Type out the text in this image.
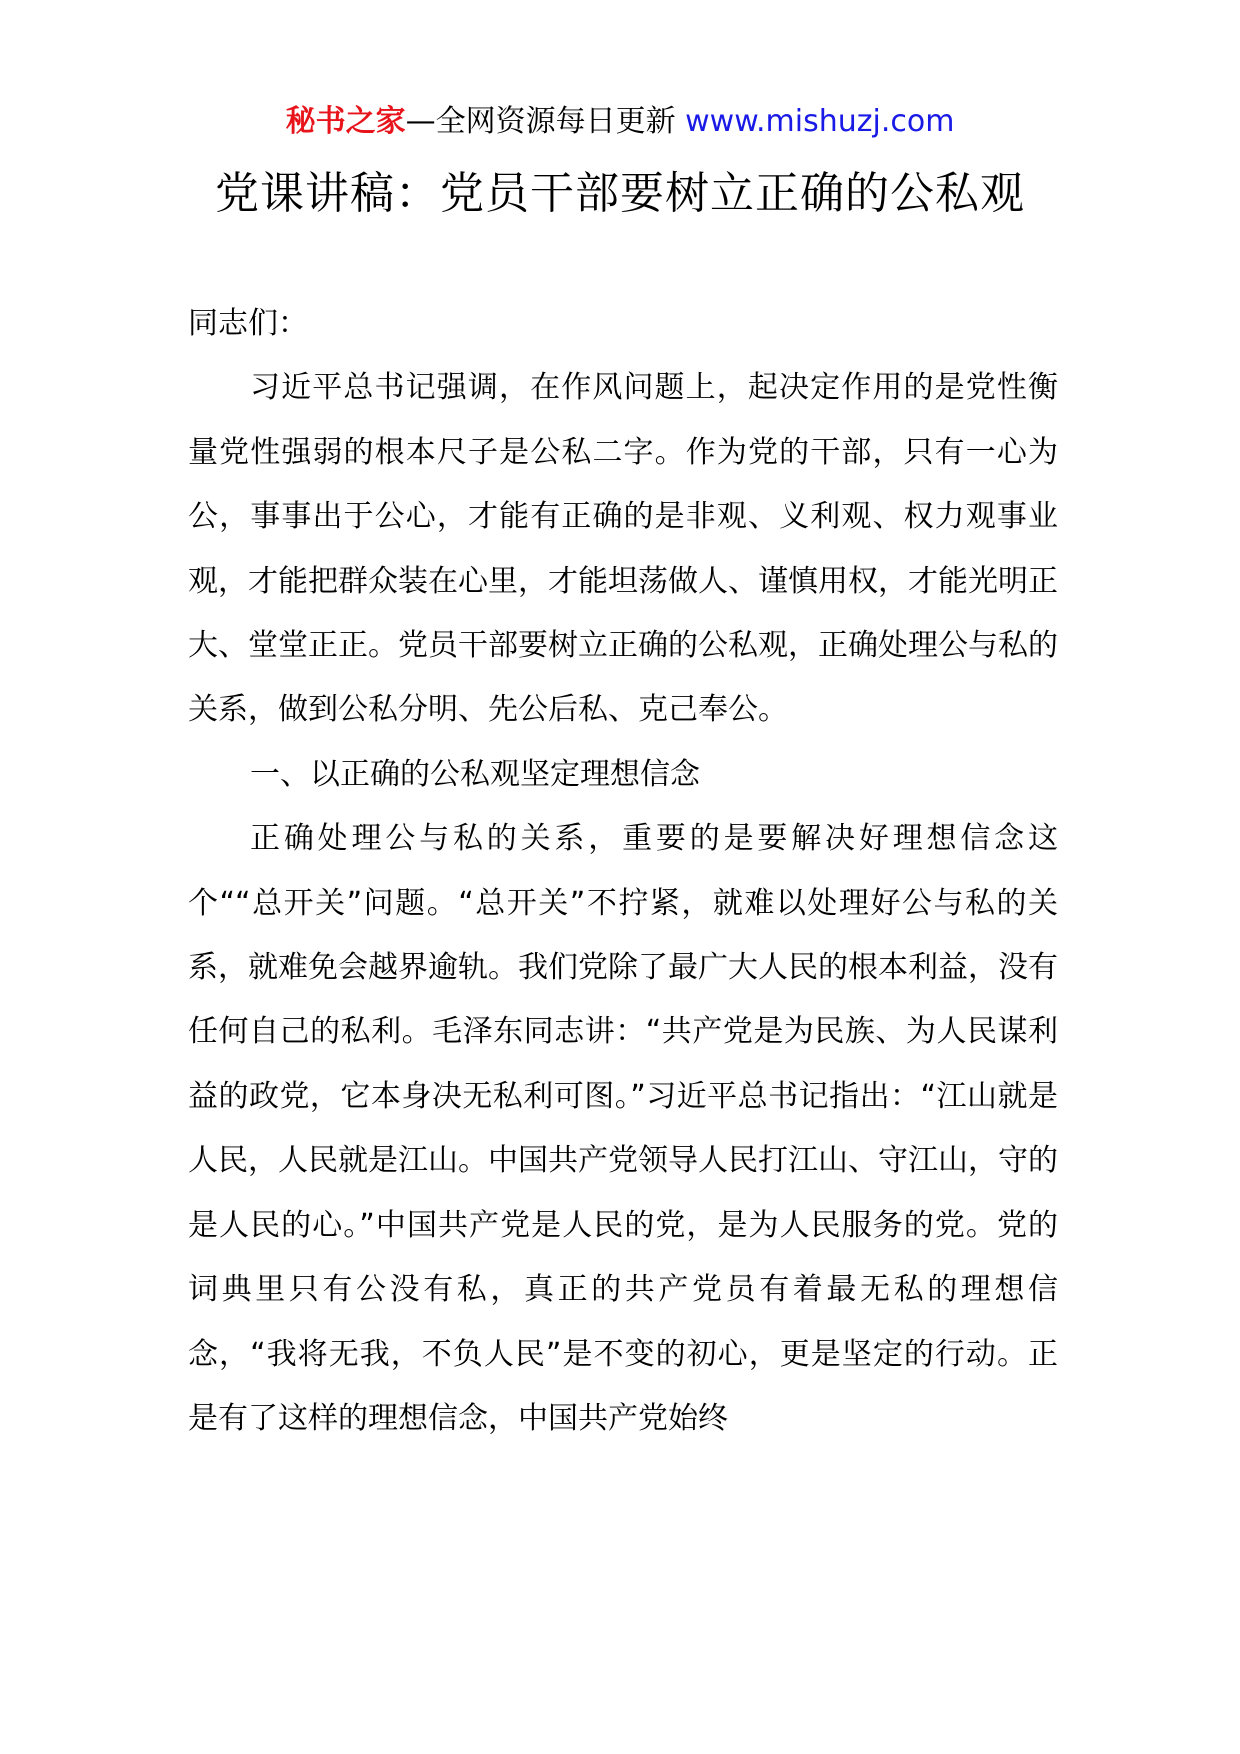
秘书之家—全网资源每日更新 www.mishuzj.com
党课讲稿：党员干部要树立正确的公私观

同志们：

习近平总书记强调，在作风问题上，起决定作用的是党性衡量党性强弱的根本尺子是公私二字。作为党的干部，只有一心为公，事事出于公心，才能有正确的是非观、义利观、权力观事业观，才能把群众装在心里，才能坦荡做人、谨慎用权，才能光明正大、堂堂正正。党员干部要树立正确的公私观，正确处理公与私的关系，做到公私分明、先公后私、克己奉公。

一、以正确的公私观坚定理想信念

正确处理公与私的关系，重要的是要解决好理想信念这个““总开关”问题。“总开关”不拧紧，就难以处理好公与私的关系，就难免会越界逾轨。我们党除了最广大人民的根本利益，没有任何自己的私利。毛泽东同志讲：“共产党是为民族、为人民谋利益的政党，它本身决无私利可图。”习近平总书记指出：“江山就是人民，人民就是江山。中国共产党领导人民打江山、守江山，守的是人民的心。”中国共产党是人民的党，是为人民服务的党。党的词典里只有公没有私，真正的共产党员有着最无私的理想信念，“我将无我，不负人民”是不变的初心，更是坚定的行动。正是有了这样的理想信念，中国共产党始终
